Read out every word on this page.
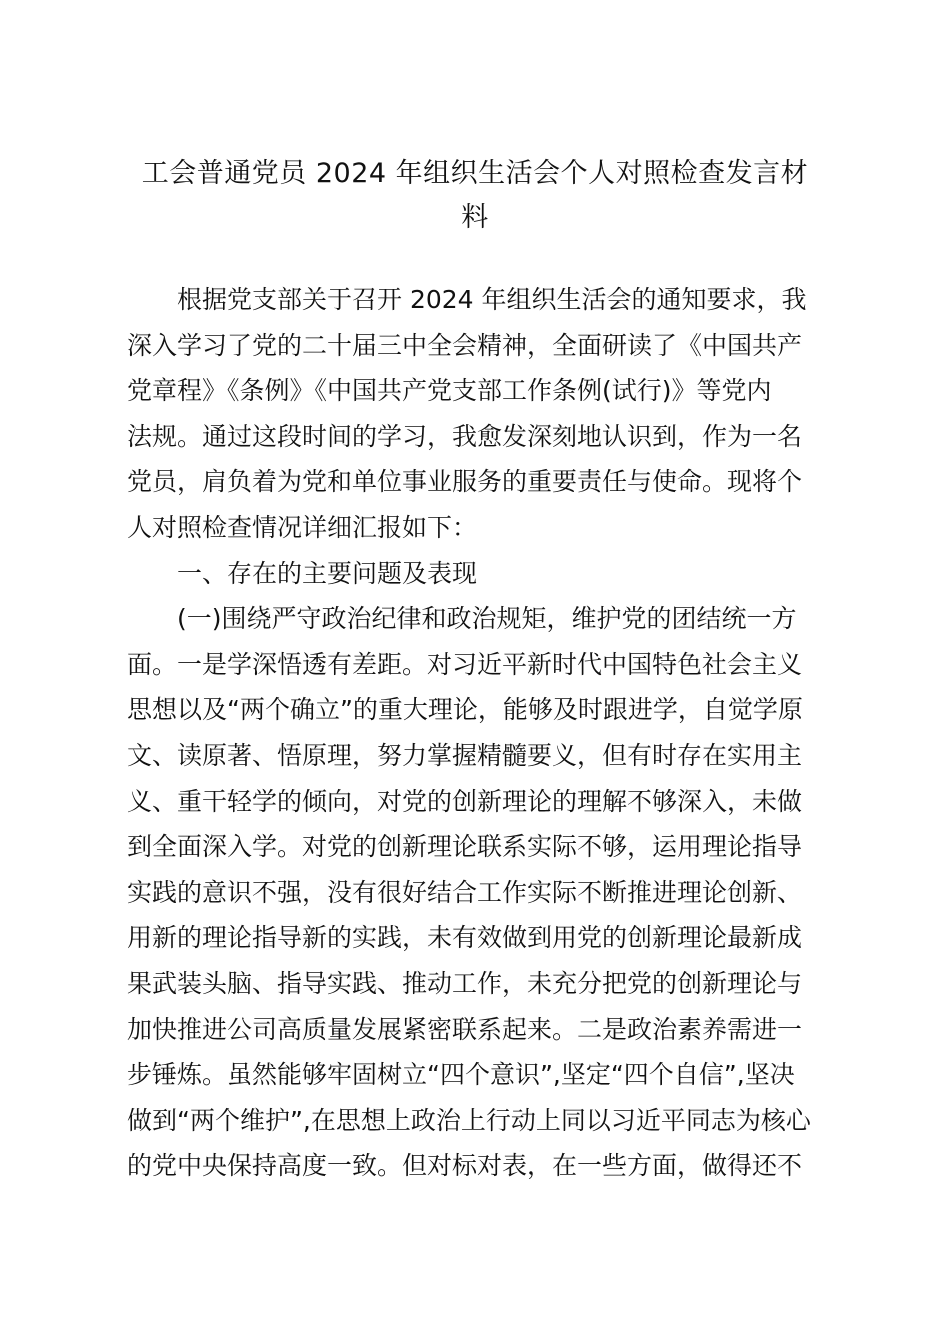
工会普通党员 2024 年组织生活会个人对照检查发言材
料
根据党支部关于召开 2024 年组织生活会的通知要求，我
深入学习了党的二十届三中全会精神，全面研读了《中国共产
党章程》《条例》《中国共产党支部工作条例(试行)》等党内
法规。通过这段时间的学习，我愈发深刻地认识到，作为一名
党员，肩负着为党和单位事业服务的重要责任与使命。现将个
人对照检查情况详细汇报如下：
一、存在的主要问题及表现
(一)围绕严守政治纪律和政治规矩，维护党的团结统一方
面。一是学深悟透有差距。对习近平新时代中国特色社会主义
思想以及“两个确立”的重大理论，能够及时跟进学，自觉学原
文、读原著、悟原理，努力掌握精髓要义，但有时存在实用主
义、重干轻学的倾向，对党的创新理论的理解不够深入，未做
到全面深入学。对党的创新理论联系实际不够，运用理论指导
实践的意识不强，没有很好结合工作实际不断推进理论创新、
用新的理论指导新的实践，未有效做到用党的创新理论最新成
果武装头脑、指导实践、推动工作，未充分把党的创新理论与
加快推进公司高质量发展紧密联系起来。二是政治素养需进一
步锤炼。虽然能够牢固树立“四个意识”,坚定“四个自信”,坚决
做到“两个维护”,在思想上政治上行动上同以习近平同志为核心
的党中央保持高度一致。但对标对表，在一些方面，做得还不
